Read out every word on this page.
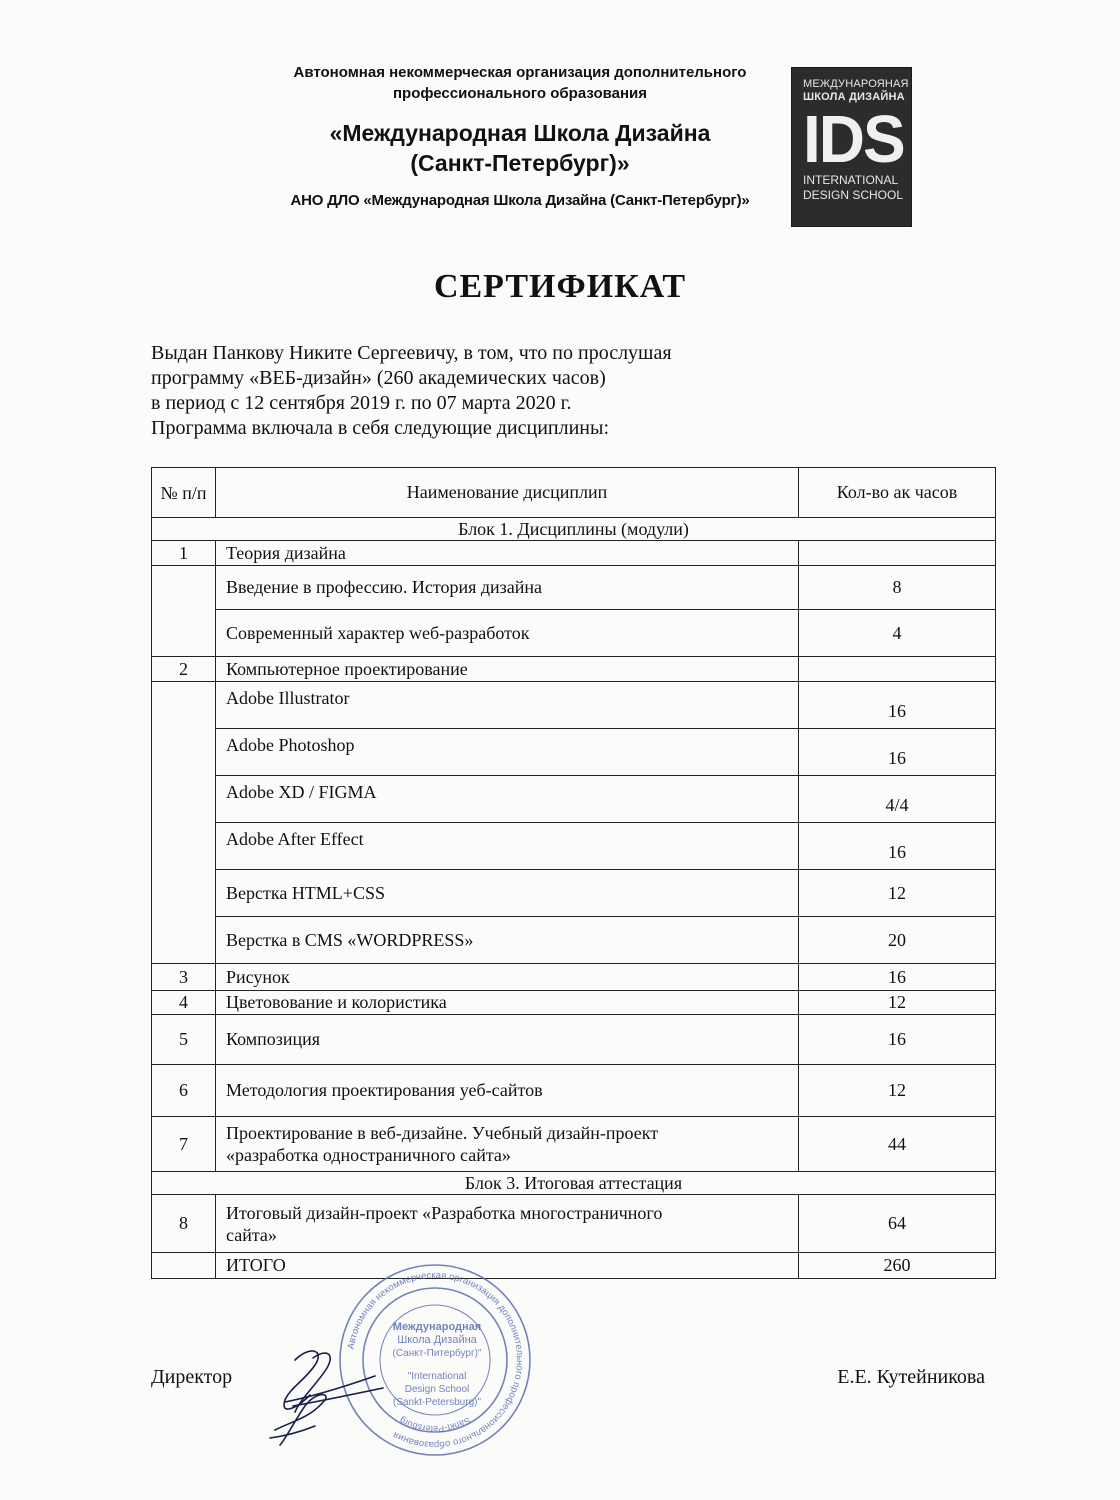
Автономная некоммерческая организация дополнительного
профессионального образования
«Международная Школа Дизайна
(Санкт-Петербург)»
АНО ДЛО «Международная Школа Дизайна (Санкт-Петербург)»
МЕЖДУНАРОЯНАЯ
ШКОЛА ДИЗАЙНА
IDS
INTERNATIONAL
DESIGN SCHOOL
СЕРТИФИКАТ
Выдан Панкову Никите Сергеевичу, в том, что по прослушая
программу «ВЕБ-дизайн» (260 академических часов)
в период с 12 сентября 2019 г. по 07 марта 2020 г.
Программа включала в себя следующие дисциплины:
№ п/п	Наименование дисциплип	Кол-во ак часов
Блок 1. Дисциплины (модули)		
1	Теория дизайна	
	Введение в профессию. История дизайна	8
	Современный характер wеб-разработок	4
2	Компьютерное проектирование	
	Adobe Illustrator	16
	Adobe Photoshop	16
	Adobe XD / FIGMA	4/4
	Adobe After Effect	16
	Верстка HTML+CSS	12
	Верстка в CMS «WORDPRESS»	20
3	Рисунок	16
4	Цветовование и колористика	12
5	Композиция	16
6	Методология проектирования уеб-сайтов	12
7	Проектирование в веб-дизайне. Учебный дизайн-проект
«разработка одностраничного сайта»	44
Блок 3. Итоговая аттестация		
8	Итоговый дизайн-проект «Разработка многостраничного
сайта»	64
	ИТОГО	260
Директор	Е.Е. Кутейникова
Автономная некоммерческая организация дополнительного профессионального образования
Sankt-Petersburg
Международная
Школа Дизайна
(Санкт-Питербург)"
"International
Design School
(Sankt-Petersburg)"
